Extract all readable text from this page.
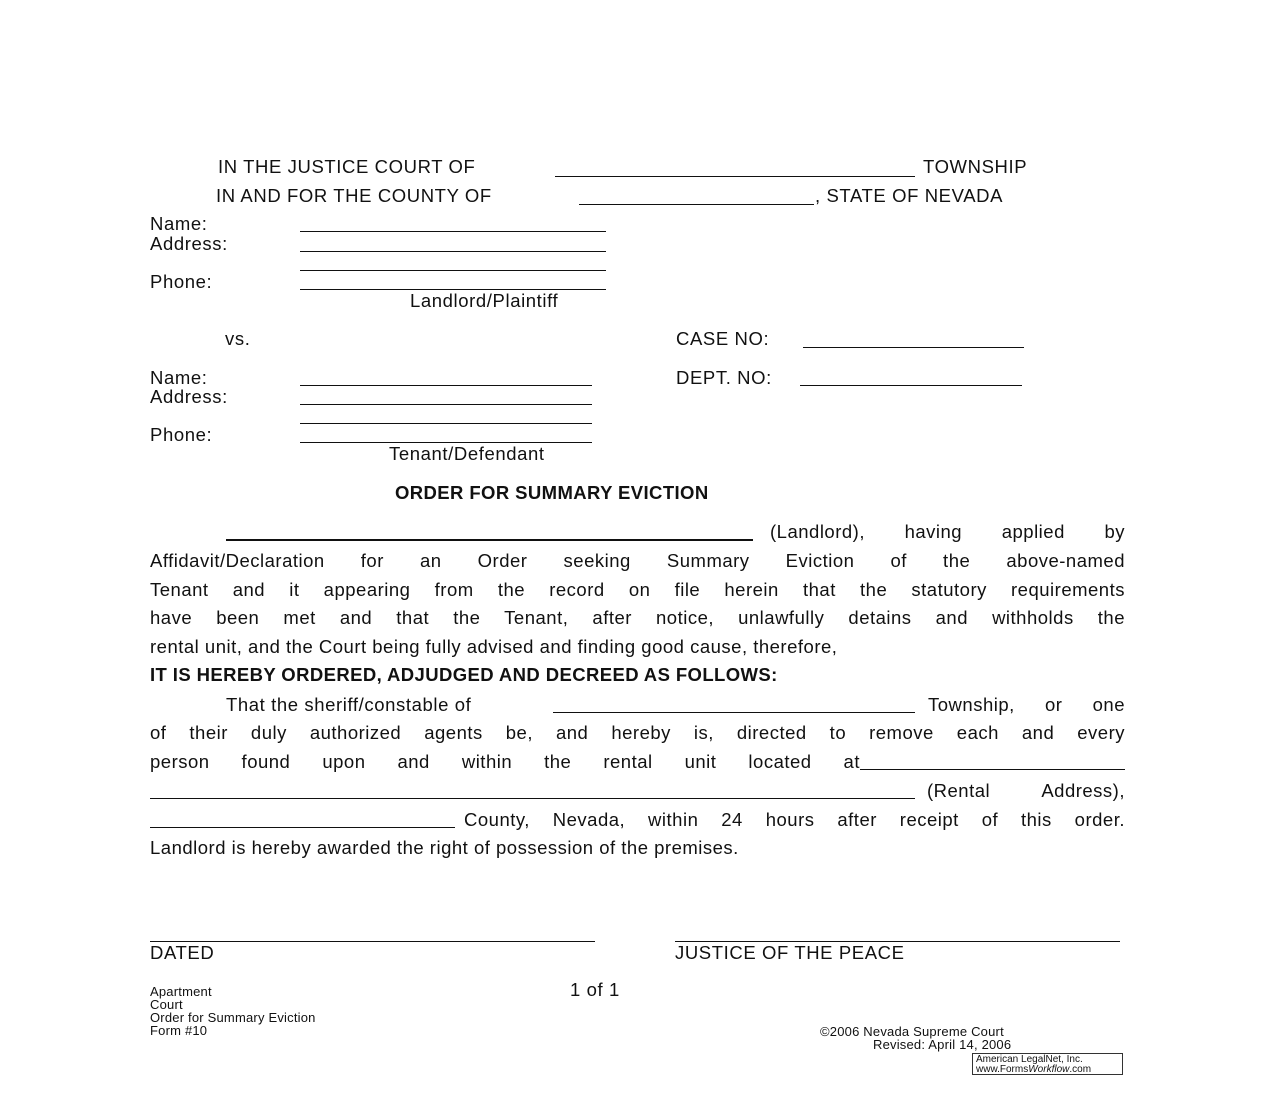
IN THE JUSTICE COURT OF	TOWNSHIP
IN AND FOR THE COUNTY OF	, STATE OF NEVADA
Name:
Address:
Phone:
Landlord/Plaintiff
vs.	CASE NO:
DEPT. NO:
Name:
Address:
Phone:
Tenant/Defendant
ORDER FOR SUMMARY EVICTION
(Landlord), having applied by
Affidavit/Declaration for an Order seeking Summary Eviction of the above-named
Tenant and it appearing from the record on file herein that the statutory requirements
have been met and that the Tenant, after notice, unlawfully detains and withholds the
rental unit, and the Court being fully advised and finding good cause, therefore,
IT IS HEREBY ORDERED, ADJUDGED AND DECREED AS FOLLOWS:
That the sheriff/constable of	Township, or one
of their duly authorized agents be, and hereby is, directed to remove each and every
person found upon and within the rental unit located at
(Rental Address),
County, Nevada, within 24 hours after receipt of this order.
Landlord is hereby awarded the right of possession of the premises.
DATED	JUSTICE OF THE PEACE
1 of 1
Apartment
Court
Order for Summary Eviction
Form #10	©2006 Nevada Supreme Court
Revised: April 14, 2006
American LegalNet, Inc.
www.FormsWorkflow.com
